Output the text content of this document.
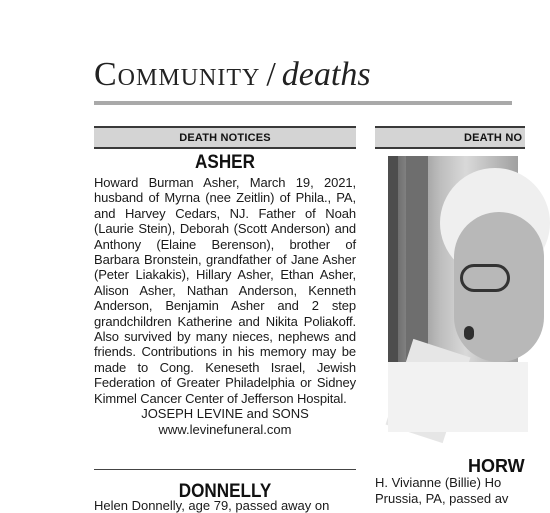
Community / deaths
DEATH NOTICES
ASHER
Howard Burman Asher, March 19, 2021, husband of Myrna (nee Zeitlin) of Phila., PA, and Harvey Cedars, NJ. Father of Noah (Laurie Stein), Deborah (Scott Anderson) and Anthony (Elaine Berenson), brother of Barbara Bronstein, grandfather of Jane Asher (Peter Liakakis), Hillary Asher, Ethan Asher, Alison Asher, Nathan Anderson, Kenneth Anderson, Benjamin Asher and 2 step grandchildren Katherine and Nikita Poliakoff. Also survived by many nieces, nephews and friends. Contributions in his memory may be made to Cong. Keneseth Israel, Jewish Federation of Greater Philadelphia or Sidney Kimmel Cancer Center of Jefferson Hospital.
JOSEPH LEVINE and SONS
www.levinefuneral.com
DONNELLY
Helen Donnelly, age 79, passed away on
DEATH NO
HORW
H. Vivianne (Billie) Ho
Prussia, PA, passed av
